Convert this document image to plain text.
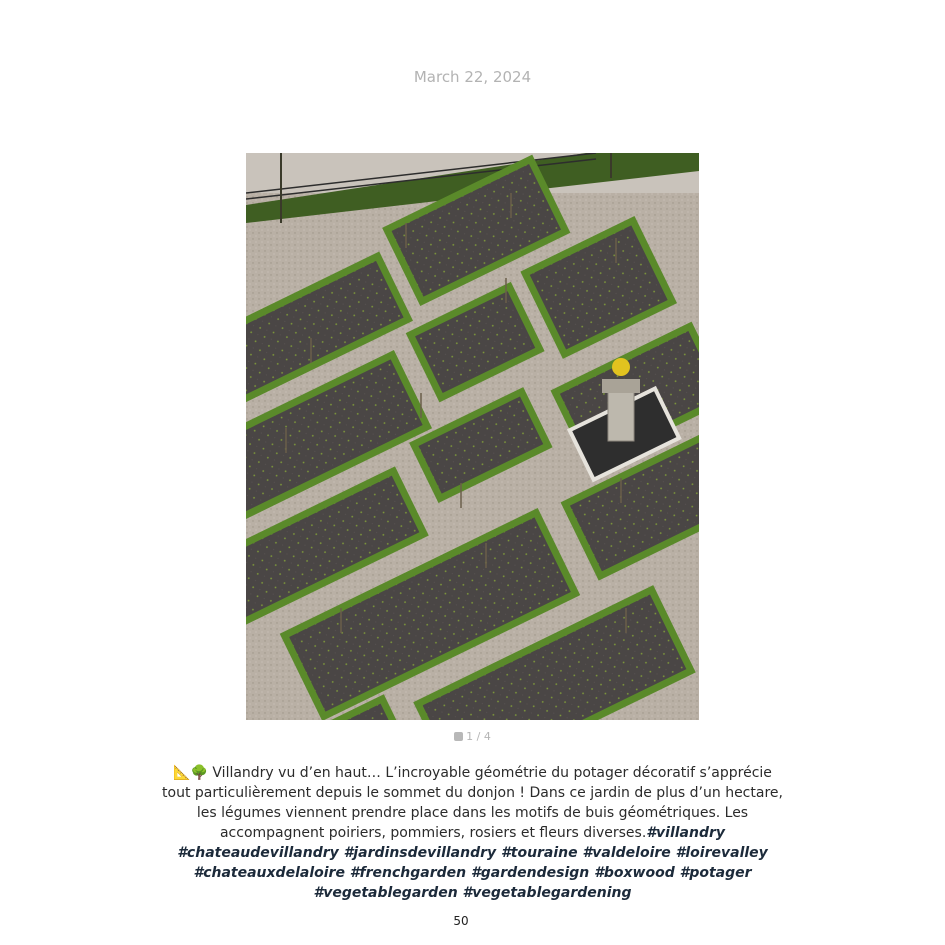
March 22, 2024
1 / 4
📐🌳 Villandry vu d’en haut… L’incroyable géométrie du potager décoratif s’apprécie tout particulièrement depuis le sommet du donjon ! Dans ce jardin de plus d’un hectare, les légumes viennent prendre place dans les motifs de buis géométriques. Les accompagnent poiriers, pommiers, rosiers et fleurs diverses.#villandry #chateaudevillandry #jardinsdevillandry #touraine #valdeloire #loirevalley #chateauxdelaloire #frenchgarden #gardendesign #boxwood #potager #vegetablegarden #vegetablegardening
50
